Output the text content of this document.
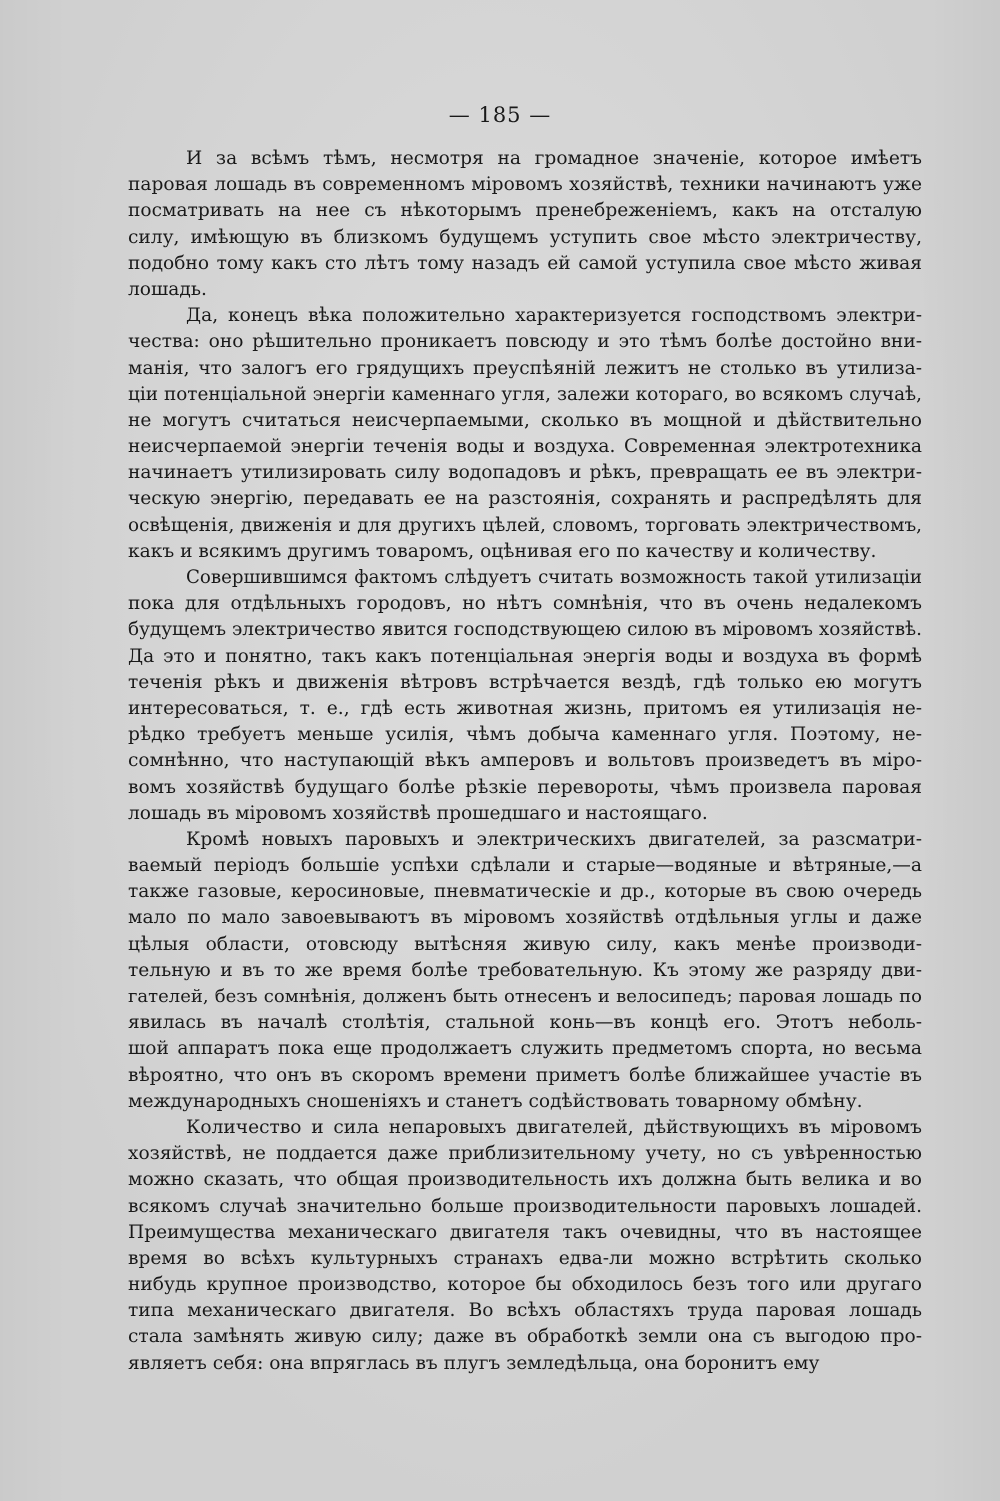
— 185 —
И за всѣмъ тѣмъ, несмотря на громадное значеніе, которое имѣетъ
паровая лошадь въ современномъ міровомъ хозяйствѣ, техники начинаютъ уже
посматривать на нее съ нѣкоторымъ пренебреженіемъ, какъ на отсталую
силу, имѣющую въ близкомъ будущемъ уступить свое мѣсто электричеству,
подобно тому какъ сто лѣтъ тому назадъ ей самой уступила свое мѣсто живая
лошадь.
Да, конецъ вѣка положительно характеризуется господствомъ электри-
чества: оно рѣшительно проникаетъ повсюду и это тѣмъ болѣе достойно вни-
манія, что залогъ его грядущихъ преуспѣяній лежитъ не столько въ утилиза-
ціи потенціальной энергіи каменнаго угля, залежи котораго, во всякомъ случаѣ,
не могутъ считаться неисчерпаемыми, сколько въ мощной и дѣйствительно
неисчерпаемой энергіи теченія воды и воздуха. Современная электротехника
начинаетъ утилизировать силу водопадовъ и рѣкъ, превращать ее въ электри-
ческую энергію, передавать ее на разстоянія, сохранять и распредѣлять для
освѣщенія, движенія и для другихъ цѣлей, словомъ, торговать электричествомъ,
какъ и всякимъ другимъ товаромъ, оцѣнивая его по качеству и количеству.
Совершившимся фактомъ слѣдуетъ считать возможность такой утилизаціи
пока для отдѣльныхъ городовъ, но нѣтъ сомнѣнія, что въ очень недалекомъ
будущемъ электричество явится господствующею силою въ міровомъ хозяйствѣ.
Да это и понятно, такъ какъ потенціальная энергія воды и воздуха въ формѣ
теченія рѣкъ и движенія вѣтровъ встрѣчается вездѣ, гдѣ только ею могутъ
интересоваться, т. е., гдѣ есть животная жизнь, притомъ ея утилизація не-
рѣдко требуетъ меньше усилія, чѣмъ добыча каменнаго угля. Поэтому, не-
сомнѣнно, что наступающій вѣкъ амперовъ и вольтовъ произведетъ въ міро-
вомъ хозяйствѣ будущаго болѣе рѣзкіе перевороты, чѣмъ произвела паровая
лошадь въ міровомъ хозяйствѣ прошедшаго и настоящаго.
Кромѣ новыхъ паровыхъ и электрическихъ двигателей, за разсматри-
ваемый періодъ большіе успѣхи сдѣлали и старые—водяные и вѣтряные,—а
также газовые, керосиновые, пневматическіе и др., которые въ свою очередь
мало по мало завоевываютъ въ міровомъ хозяйствѣ отдѣльныя углы и даже
цѣлыя области, отовсюду вытѣсняя живую силу, какъ менѣе производи-
тельную и въ то же время болѣе требовательную. Къ этому же разряду дви-
гателей, безъ сомнѣнія, долженъ быть отнесенъ и велосипедъ; паровая лошадь по
явилась въ началѣ столѣтія, стальной конь—въ концѣ его. Этотъ неболь-
шой аппаратъ пока еще продолжаетъ служить предметомъ спорта, но весьма
вѣроятно, что онъ въ скоромъ времени приметъ болѣе ближайшее участіе въ
международныхъ сношеніяхъ и станетъ содѣйствовать товарному обмѣну.
Количество и сила непаровыхъ двигателей, дѣйствующихъ въ міровомъ
хозяйствѣ, не поддается даже приблизительному учету, но съ увѣренностью
можно сказать, что общая производительность ихъ должна быть велика и во
всякомъ случаѣ значительно больше производительности паровыхъ лошадей.
Преимущества механическаго двигателя такъ очевидны, что въ настоящее
время во всѣхъ культурныхъ странахъ едва-ли можно встрѣтить сколько
нибудь крупное производство, которое бы обходилось безъ того или другаго
типа механическаго двигателя. Во всѣхъ областяхъ труда паровая лошадь
стала замѣнять живую силу; даже въ обработкѣ земли она съ выгодою про-
являетъ себя: она впряглась въ плугъ земледѣльца, она боронитъ ему
